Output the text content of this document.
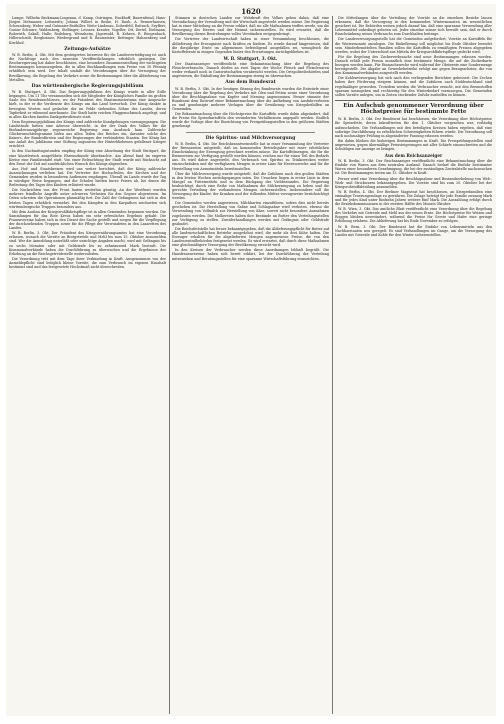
1620
Lampe, Wilhelm Beckmann-Lingenau, d. Kamp, Ostringen, Huckhoff; Bauernfeind, Hans-Jürgen Mehmauer, Leitmeritz; Johann Willert in Beske, H. Rauh, A. Rennerhausen, Scheumberg, Weber und Gutmaier-Reithiller, Weite-Lindenau, Doberfeld, Reitzsch, Seyffert; Gustav Schwarz, Waldenberg, Stellinger; Lessner, Krauter, Vogeller, Ott, Dertel, Dielmann, Ruhwirth, Sakall, Halle; Rodeburg, Weinsheim, Jägerwald, R. Kehren, R. Rüegenbach, Hillerscheidt, Bergheimer, Wiedergrund und R. Baumeister; Rettinger, Hahnenberg und Kirchhof.
Zeitungs-Aufsätze
W. B. Berlin, 4. Okt. Mit dem gesteigerten Interesse für die Landesverteidigung ist auch die Nachfrage nach den neuesten Veröffentlichungen erheblich gestiegen. Die Reichsregierung hat daher beschlossen, eine besondere Zusammenstellung der wichtigsten Bestimmungen herauszugeben, die in allen Buchhandlungen zum Preise von 30 Pfennig erhältlich sein wird. Der Inhalt umfaßt die Verordnungen über die Versorgung der Bevölkerung, die Regelung des Verkehrs sowie die Bestimmungen über die Ablieferung von Metallen.
Das württembergische Regierungsjubiläum
W. B. Stuttgart, 4. Okt. Das Regierungsjubiläum des Königs wurde in aller Stille begangen. Um 11 Uhr versammelten sich die Mitglieder der Königlichen Familie im großen Saale des Residenzschlosses, wo der Präsident des Staatsministeriums eine Ansprache hielt, in der er die Verdienste des Königs um das Land hervorhob. Der König dankte in bewegten Worten und gedachte der im Felde stehenden Söhne des Landes, deren Tapferkeit er rühmend anerkannte. Die Stadt hatte reichen Flaggenschmuck angelegt, und in allen Kirchen fanden Dankgottesdienste statt.
Dem Regierungsjubiläum des Königs sind zahlreiche Kundgebungen vorausgegangen. Die Landstände hatten eine Adresse überreicht, in der der Dank des Volkes für die fünfundzwanzigjährige segensreiche Regierung zum Ausdruck kam. Zahlreiche Glückwunschtelegramme liefen aus allen Teilen des Reiches ein, darunter solche des Kaisers, der Bundesfürsten und der Regierungen der verbündeten Staaten. Der König hat aus Anlaß des Jubiläums eine Stiftung zugunsten der Hinterbliebenen gefallener Krieger errichtet.
In den Nachmittagsstunden empfing der König eine Abordnung der Stadt Stuttgart, die eine künstlerisch ausgeführte Ehrenurkunde überbrachte. Am Abend fand im engeren Kreise eine Familientafel statt. Von einer Beleuchtung der Stadt wurde mit Rücksicht auf den Ernst der Zeit auf ausdrücklichen Wunsch des Königs abgesehen.
Aus Hof- und Staatskreisen wird uns weiter berichtet, daß der König zahlreiche Auszeichnungen verliehen hat. Die Vertreter der Hochschulen, der Kirchen und der Gemeinden wurden in besonderen Audienzen empfangen. Überall im Lande wurde der Tag in würdiger Weise begangen, und die Schulen hielten kurze Feiern ab, bei denen die Bedeutung des Tages den Kindern erläutert wurde.
Die Nachrichten von der Front lauten weiterhin günstig. An der Westfront wurden mehrere feindliche Angriffe unter schweren Verlusten für den Gegner abgewiesen. Im Osten schreiten die Operationen planmäßig fort. Die Zahl der Gefangenen hat sich in den letzten Tagen erheblich vermehrt. Bei den Kämpfen in den Karpathen zeichneten sich württembergische Truppen besonders aus.
Mit dem Ausbau der Kriegswohlfahrtspflege ist in allen Gemeinden begonnen worden. Die Sammlungen für das Rote Kreuz haben ein sehr erfreuliches Ergebnis gehabt. Die Frauenvereine haben sich in den Dienst der Sache gestellt und sorgen für die Verpflegung der durchziehenden Truppen sowie für die Pflege der Verwundeten in den Lazaretten des Landes.
W. B. Berlin, 3. Okt. Der Präsident des Kriegsernährungsamtes hat eine Verordnung erlassen, wonach die Vorräte an Brotgetreide und Mehl bis zum 15. Oktober anzumelden sind. Wer die Anmeldung unterläßt oder unrichtige Angaben macht, wird mit Gefängnis bis zu sechs Monaten oder mit Geldstrafe bis zu zehntausend Mark bestraft. Die Kommunalverbände haben die Durchführung zu überwachen und die Ergebnisse der Erhebung an die Reichsgetreidestelle weiterzuleiten.
Die Verordnung tritt mit dem Tage ihrer Verkündung in Kraft. Ausgenommen von der Anmeldepflicht sind lediglich kleine Vorräte, die zum Verbrauch im eigenen Haushalt bestimmt sind und das festgesetzte Höchstmaß nicht überschreiten.
Stimmen in deutschen Landen zur Wehrkraft des Volkes gehen dahin, daß eine Vereinfachung der Verwaltung und der Wirtschaft angestrebt werden müsse. Die Regierung hat in einer Mitteilung an die Presse erklärt, daß sie alle Maßnahmen treffen werde, um die Versorgung des Heeres und der Heimat sicherzustellen. Es wird erwartet, daß die Bevölkerung diesen Bestrebungen volles Verständnis entgegenbringt.
Die Vertreter der Landwirtschaft haben in einer Versammlung beschlossen, die Ablieferung der Erzeugnisse nach Kräften zu fördern. Es wurde darauf hingewiesen, daß die diesjährige Ernte im allgemeinen befriedigend ausgefallen sei, wenngleich die Kartoffelernte in einigen Gegenden hinter den Erwartungen zurückgeblieben ist.
W. B. Stuttgart, 3. Okt.
Der Staatsanzeiger veröffentlicht eine Bekanntmachung über die Regelung des Fleischverbrauchs. Danach dürfen an zwei Tagen der Woche Fleisch und Fleischwaren weder verkauft noch in Gastwirtschaften verabreicht werden. Die Ortspolizeibehörden sind angewiesen, die Einhaltung der Bestimmungen streng zu überwachen.
Aus dem Bundesrat
W. B. Berlin, 3. Okt. In der heutigen Sitzung des Bundesrats wurden die Entwürfe einer Verordnung über die Regelung des Verkehrs mit Ölen und Fetten sowie einer Verordnung über die Beschlagnahme von Kupfer und Messing angenommen. Ferner stimmte der Bundesrat dem Entwurf einer Bekanntmachung über die Aufhebung von Ausfuhrverboten zu und genehmigte mehrere Vorlagen über die Gewährung von Kriegsbeihilfen an Gemeinden.
Die Bekanntmachung über die Höchstpreise für Kartoffeln wurde dahin abgeändert, daß die Preise für Speisekartoffeln den veränderten Verhältnissen angepaßt werden. Endlich wurde die Vorlage über die Einrichtung von Preisprüfungsstellen in den größeren Städten genehmigt.
Die Spiritus- und Milchversorgung
W. B. Berlin, 4. Okt. Die Reichsbranntweinstelle hat in einer Versammlung der Vertreter der Brennereien mitgeteilt, daß im kommenden Betriebsjahre mit einer erheblichen Einschränkung der Erzeugung gerechnet werden müsse. Die Kartoffelmengen, die für die Brennereien zur Verfügung gestellt werden können, reichen nur für einen Teil des Bedarfs aus. Es wird daher angestrebt, den Verbrauch von Spiritus zu Trinkzwecken weiter einzuschränken und die verfügbaren Mengen in erster Linie für Heereszwecke und für die Herstellung von Arzneimitteln bereitzustellen.
Über die Milchversorgung wurde mitgeteilt, daß die Zufuhren nach den großen Städten in den letzten Wochen zurückgegangen seien. Die Ursachen liegen in erster Linie in dem Mangel an Futtermitteln und in dem Rückgang des Viehbestandes. Die Regierung beabsichtigt, durch eine Reihe von Maßnahmen die Milcherzeugung zu heben und die gerechte Verteilung der vorhandenen Mengen sicherzustellen. Insbesondere soll die Versorgung der Kinder, der Kranken und der stillenden Mütter vorzugsweise berücksichtigt werden.
Die Gemeinden werden angewiesen, Milchkarten einzuführen, sofern dies nicht bereits geschehen ist. Die Herstellung von Sahne und Schlagsahne wird verboten, ebenso die Verwendung von Vollmilch zur Herstellung von Käse, soweit nicht besondere Ausnahmen zugelassen werden. Die Molkereien haben ihre Bestände an Butter den Verteilungsstellen zur Verfügung zu stellen. Zuwiderhandlungen werden mit Gefängnis oder Geldstrafe geahndet.
Die Reichsfettstelle hat ferner bekanntgegeben, daß die Ablieferungspflicht für Butter auf alle landwirtschaftlichen Betriebe ausgedehnt wird, die mehr als drei Kühe halten. Die Erzeuger erhalten für die abgelieferten Mengen angemessene Preise, die von den Landeszentralbehörden festgesetzt werden. Es wird erwartet, daß durch diese Maßnahmen eine gleichmäßigere Versorgung der Bevölkerung erreicht wird.
In den Kreisen der Verbraucher werden diese Anordnungen lebhaft begrüßt. Die Hausfrauenvereine haben sich bereit erklärt, bei der Durchführung der Verteilung mitzuwirken und Beratungsstellen für eine sparsame Wirtschaftsführung einzurichten.
Die Mitteilungen über die Verteilung der Vorräte an die einzelnen Bezirke lassen erkennen, daß die Versorgung in den kommenden Wintermonaten im wesentlichen gesichert ist. Die Behörden weisen jedoch darauf hin, daß eine sparsame Verwendung aller Lebensmittel unbedingt geboten sei. Jeder einzelne müsse sich bewußt sein, daß er durch Einschränkung seines Verbrauchs zum Durchhalten beitrage.
Die Landesversorgungsstelle hat die Gemeinden aufgefordert, Vorräte an Kartoffeln für die Wintermonate anzulegen. Die Einkellerung soll möglichst bis Ende Oktober beendet sein. Minderbemittelten Familien sollen die Kartoffeln zu ermäßigten Preisen abgegeben werden, wobei der Unterschied aus Mitteln der Kriegswohlfahrtspflege gedeckt wird.
Für die Regelung des Zuckerverbrauchs sind neue Bestimmungen erlassen worden. Danach erhält jede Person monatlich eine bestimmte Menge, die auf die Zuckerkarte bezogen werden kann. Für Einmachzwecke wird während der Obsternte eine Sondermenge bereitgestellt. Die Abgabe an Gewerbebetriebe erfolgt nur gegen Bezugsscheine, die von den Kommunalverbänden ausgestellt werden.
Die Kohlenversorgung hat sich nach den vorliegenden Berichten gebessert. Die Zechen haben ihre Förderung steigern können, und die Zufuhren nach Süddeutschland sind regelmäßiger geworden. Trotzdem werden die Verbraucher ersucht, mit den Brennstoffen sparsam umzugehen und rechtzeitig für den Winterbedarf vorzusorgen. Die Gemeinden sollen Vorräte anlegen, um in Zeiten stockender Zufuhr aushelfen zu können.
Ein Aufschub genommener Verordnung über Höchstpreise für bestimmte Fette
W. B. Berlin, 3. Okt. Der Bundesrat hat beschlossen, die Verordnung über Höchstpreise für Speisefette, deren Inkrafttreten für den 1. Oktober vorgesehen war, vorläufig aufzuschieben. Die Verhandlungen mit den beteiligten Kreisen haben ergeben, daß eine sofortige Durchführung zu erheblichen Schwierigkeiten führen würde. Die Verordnung soll nach nochmaliger Prüfung in abgeänderter Fassung erlassen werden.
Bis dahin bleiben die bisherigen Bestimmungen in Kraft. Die Preisprüfungsstellen sind angewiesen, gegen übermäßige Preissteigerungen mit aller Schärfe einzuschreiten und die Schuldigen zur Anzeige zu bringen.
Aus dem Reichsanzeiger
W. B. Berlin, 3. Okt. Der Reichsanzeiger veröffentlicht eine Bekanntmachung über die Einfuhr von Waren aus dem neutralen Ausland. Danach bedarf die Einfuhr bestimmter Waren einer besonderen Genehmigung, die bei der zuständigen Zentralstelle nachzusuchen ist. Die Bestimmungen treten am 15. Oktober in Kraft.
Ferner wird eine Verordnung über die Beschlagnahme und Bestandserhebung von Web-, Wirk- und Strickwaren bekanntgegeben. Die Vorräte sind bis zum 20. Oktober bei der Kriegsrohstoffabteilung anzumelden.
W. B. Berlin, 4. Okt. Der Berliner Magistrat hat beschlossen, an Kriegerfamilien eine einmalige Teuerungszulage zu gewähren. Die Zulage beträgt für jede Familie zwanzig Mark und für jedes Kind unter fünfzehn Jahren weitere fünf Mark. Die Auszahlung erfolgt durch die Bezirkskommissionen in der zweiten Hälfte des Monats Oktober.
W. B. Wien, 3. Okt. Das amtliche Blatt veröffentlicht eine Verordnung über die Regelung des Verkehrs mit Getreide und Mehl aus der neuen Ernte. Die Höchstpreise für Weizen und Roggen bleiben unverändert, während die Preise für Gerste und Hafer eine geringe Erhöhung erfahren. Die Ablieferung hat bis Ende November zu erfolgen.
W. B. Bern, 3. Okt. Der Bundesrat hat die Einfuhr von Lebensmitteln aus den Nachbarstaaten neu geregelt. Es sind Verhandlungen im Gange, um die Versorgung des Landes mit Getreide und Kohle für den Winter sicherzustellen.
